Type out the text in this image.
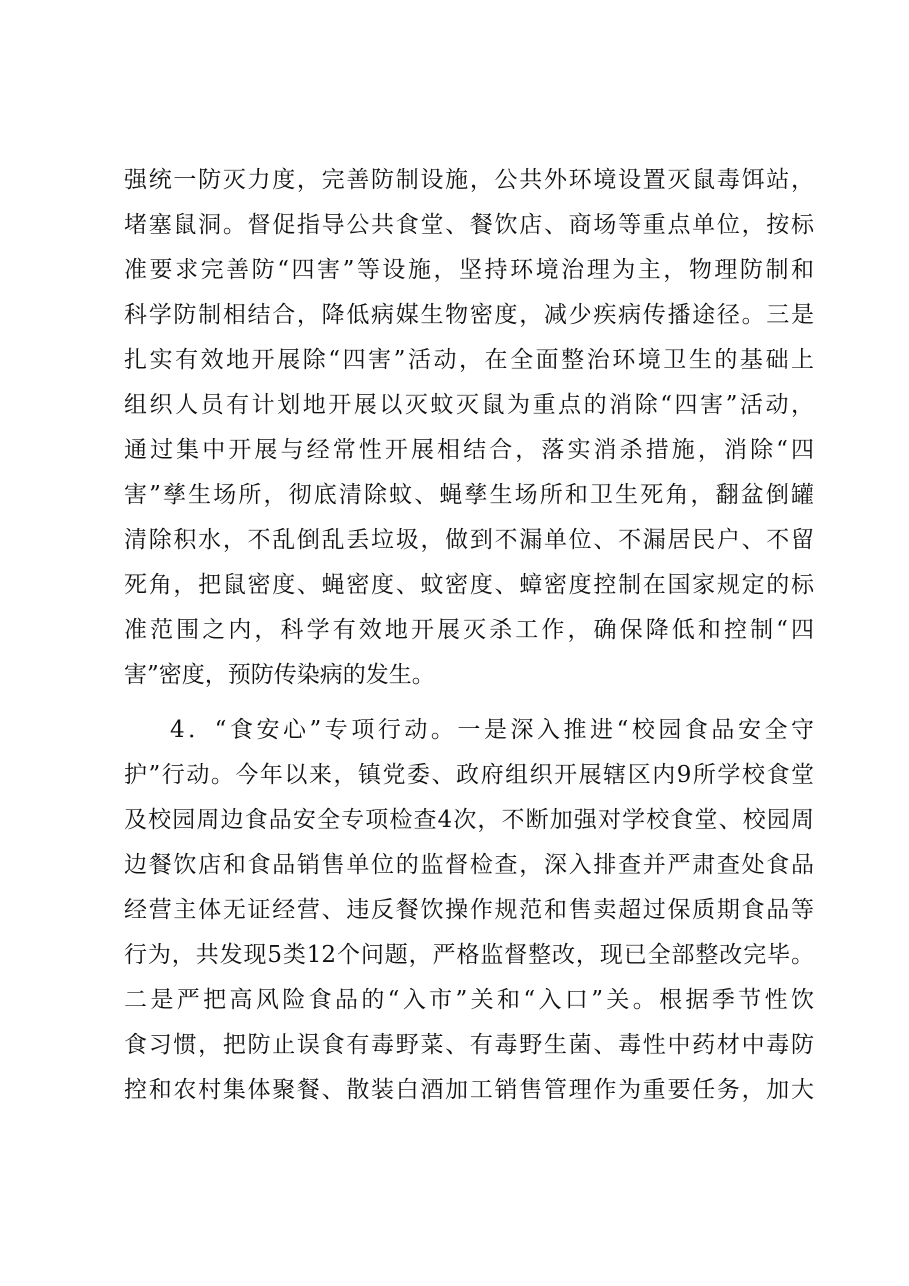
强统一防灭力度，完善防制设施，公共外环境设置灭鼠毒饵站，
堵塞鼠洞。督促指导公共食堂、餐饮店、商场等重点单位，按标
准要求完善防“四害”等设施，坚持环境治理为主，物理防制和
科学防制相结合，降低病媒生物密度，减少疾病传播途径。三是
扎实有效地开展除“四害”活动，在全面整治环境卫生的基础上
组织人员有计划地开展以灭蚊灭鼠为重点的消除“四害”活动，
通过集中开展与经常性开展相结合，落实消杀措施，消除“四
害”孳生场所，彻底清除蚊、蝇孳生场所和卫生死角，翻盆倒罐
清除积水，不乱倒乱丢垃圾，做到不漏单位、不漏居民户、不留
死角，把鼠密度、蝇密度、蚊密度、蟑密度控制在国家规定的标
准范围之内，科学有效地开展灭杀工作，确保降低和控制“四
害”密度，预防传染病的发生。
4．“食安心”专项行动。一是深入推进“校园食品安全守
护”行动。今年以来，镇党委、政府组织开展辖区内9所学校食堂
及校园周边食品安全专项检查4次，不断加强对学校食堂、校园周
边餐饮店和食品销售单位的监督检查，深入排查并严肃查处食品
经营主体无证经营、违反餐饮操作规范和售卖超过保质期食品等
行为，共发现5类12个问题，严格监督整改，现已全部整改完毕。
二是严把高风险食品的“入市”关和“入口”关。根据季节性饮
食习惯，把防止误食有毒野菜、有毒野生菌、毒性中药材中毒防
控和农村集体聚餐、散装白酒加工销售管理作为重要任务，加大
